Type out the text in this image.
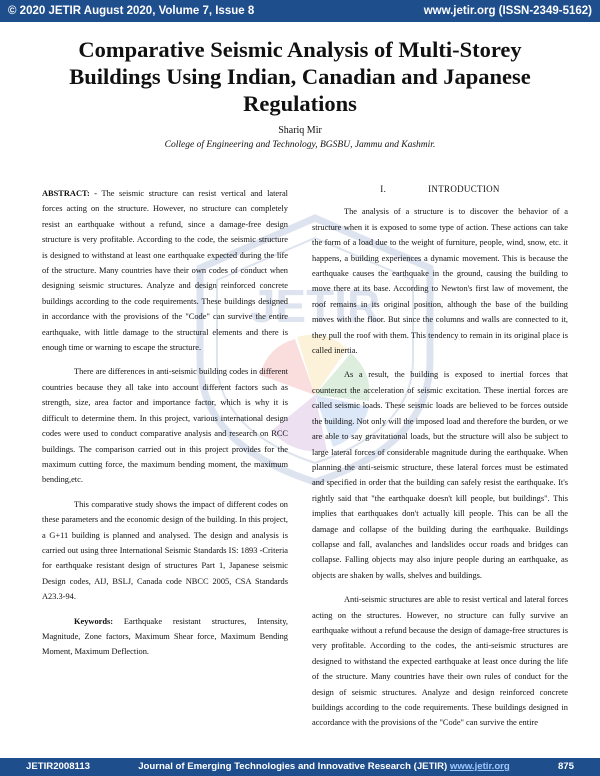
© 2020 JETIR August 2020, Volume 7, Issue 8	www.jetir.org (ISSN-2349-5162)
JETIR
Comparative Seismic Analysis of Multi-Storey Buildings Using Indian, Canadian and Japanese Regulations
Shariq Mir
College of Engineering and Technology, BGSBU, Jammu and Kashmir.

ABSTRACT: - The seismic structure can resist vertical and lateral forces acting on the structure. However, no structure can completely resist an earthquake without a refund, since a damage-free design structure is very profitable. According to the code, the seismic structure is designed to withstand at least one earthquake expected during the life of the structure. Many countries have their own codes of conduct when designing seismic structures. Analyze and design reinforced concrete buildings according to the code requirements. These buildings designed in accordance with the provisions of the "Code" can survive the entire earthquake, with little damage to the structural elements and there is enough time or warning to escape the structure.

There are differences in anti-seismic building codes in different countries because they all take into account different factors such as strength, size, area factor and importance factor, which is why it is difficult to determine them. In this project, various international design codes were used to conduct comparative analysis and research on RCC buildings. The comparison carried out in this project provides for the maximum cutting force, the maximum bending moment, the maximum bending,etc.

This comparative study shows the impact of different codes on these parameters and the economic design of the building. In this project, a G+11 building is planned and analysed. The design and analysis is carried out using three International Seismic Standards IS: 1893 -Criteria for earthquake resistant design of structures Part 1, Japanese seismic Design codes, AIJ, BSLJ, Canada code NBCC 2005, CSA Standards A23.3-94.

Keywords: Earthquake resistant structures, Intensity, Magnitude, Zone factors, Maximum Shear force, Maximum Bending Moment, Maximum Deflection.

I.	INTRODUCTION

The analysis of a structure is to discover the behavior of a structure when it is exposed to some type of action. These actions can take the form of a load due to the weight of furniture, people, wind, snow, etc. it happens, a building experiences a dynamic movement. This is because the earthquake causes the earthquake in the ground, causing the building to move there at its base. According to Newton's first law of movement, the roof remains in its original position, although the base of the building moves with the floor. But since the columns and walls are connected to it, they pull the roof with them. This tendency to remain in its original place is called inertia.

As a result, the building is exposed to inertial forces that counteract the acceleration of seismic excitation. These inertial forces are called seismic loads. These seismic loads are believed to be forces outside the building. Not only will the imposed load and therefore the burden, or we are able to say gravitational loads, but the structure will also be subject to large lateral forces of considerable magnitude during the earthquake. When planning the anti-seismic structure, these lateral forces must be estimated and specified in order that the building can safely resist the earthquake. It's rightly said that "the earthquake doesn't kill people, but buildings". This implies that earthquakes don't actually kill people. This can be all the damage and collapse of the building during the earthquake. Buildings collapse and fall, avalanches and landslides occur roads and bridges can collapse. Falling objects may also injure people during an earthquake, as objects are shaken by walls, shelves and buildings.

Anti-seismic structures are able to resist vertical and lateral forces acting on the structures. However, no structure can fully survive an earthquake without a refund because the design of damage-free structures is very profitable. According to the codes, the anti-seismic structures are designed to withstand the expected earthquake at least once during the life of the structure. Many countries have their own rules of conduct for the design of seismic structures. Analyze and design reinforced concrete buildings according to the code requirements. These buildings designed in accordance with the provisions of the "Code" can survive the entire

JETIR2008113	Journal of Emerging Technologies and Innovative Research (JETIR) www.jetir.org	875
